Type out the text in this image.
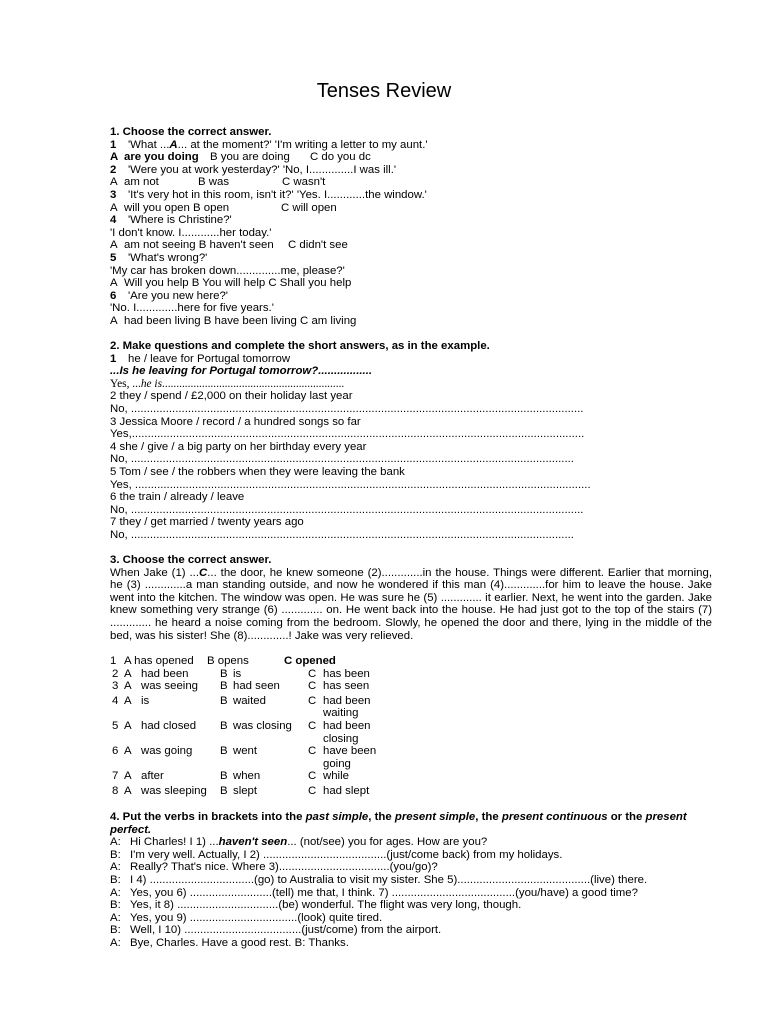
Tenses Review
1. Choose the correct answer.
1 'What ...A... at the moment?' 'I'm writing a letter to my aunt.'
A are you doing B you are doing C do you dc
2 'Were you at work yesterday?' 'No, I..............I was ill.'
A am not	B was	C wasn't
3 'It's very hot in this room, isn't it?' 'Yes. I............the window.'
A will you open B open	C will open
4 'Where is Christine?'
'I don't know. I............her today.'
A am not seeing B haven't seen C didn't see
5 'What's wrong?'
'My car has broken down..............me, please?'
A Will you help B You will help C Shall you help
6 'Are you new here?'
'No. I.............here for five years.'
A had been living B have been living C am living
2. Make questions and complete the short answers, as in the example.
1 he / leave for Portugal tomorrow
...Is he leaving for Portugal tomorrow?.................
Yes, ...he is................................................................
2 they / spend / £2,000 on their holiday last year
No, ...............................................................................................................................................
3 Jessica Moore / record / a hundred songs so far
Yes,...............................................................................................................................................
4 she / give / a big party on her birthday every year
No, ............................................................................................................................................
5 Tom / see / the robbers when they were leaving the bank
Yes, ................................................................................................................................................
6 the train / already / leave
No, ...............................................................................................................................................
7 they / get married / twenty years ago
No, ............................................................................................................................................
3. Choose the correct answer.
When Jake (1) ...C... the door, he knew someone (2).............in the house. Things were different. Earlier that morning, he (3) .............a man standing outside, and now he wondered if this man (4).............for him to leave the house. Jake went into the kitchen. The window was open. He was sure he (5) ............. it earlier. Next, he went into the garden. Jake knew something very strange (6) ............. on. He went back into the house. He had just got to the top of the stairs (7) ............. he heard a noise coming from the bedroom. Slowly, he opened the door and there, lying in the middle of the bed, was his sister! She (8).............! Jake was very relieved.
1 A has opened B opens	C opened
2 A had been	B is	C has been
3 A was seeing B had seen C has seen
4 A is	B waited	C had been waiting
5 A had closed B was closing C had been closing
6 A was going B went	C have been going
7 A after	B when	C while
8 A was sleeping B slept	C had slept
4. Put the verbs in brackets into the past simple, the present simple, the present continuous or the present
perfect.
A: Hi Charles! I 1) ...haven't seen... (not/see) you for ages. How are you?
B: I'm very well. Actually, I 2) .......................................(just/come back) from my holidays.
A: Really? That's nice. Where 3)...................................(you/go)?
B: I 4) .................................(go) to Australia to visit my sister. She 5)..........................................(live) there.
A: Yes, you 6) ..........................(tell) me that, I think. 7) .......................................(you/have) a good time?
B: Yes, it 8) ................................(be) wonderful. The flight was very long, though.
A: Yes, you 9) ..................................(look) quite tired.
B: Well, I 10) .....................................(just/come) from the airport.
A: Bye, Charles. Have a good rest. B: Thanks.
